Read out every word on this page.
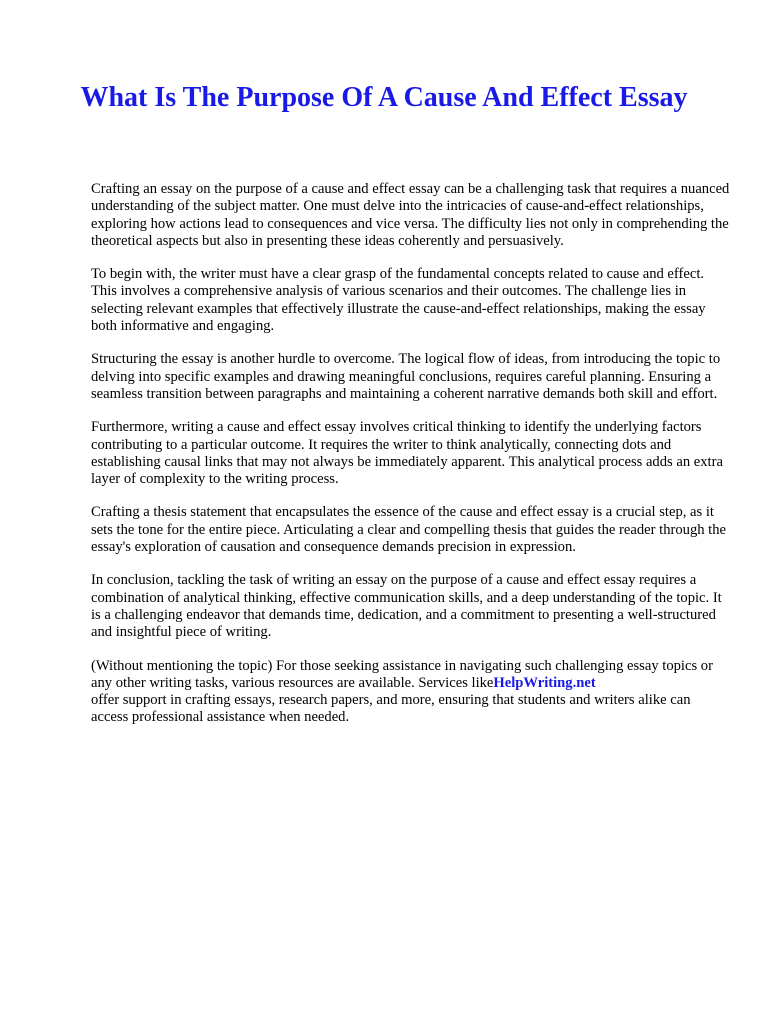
What Is The Purpose Of A Cause And Effect Essay

Crafting an essay on the purpose of a cause and effect essay can be a challenging task that requires a nuanced understanding of the subject matter. One must delve into the intricacies of cause-and-effect relationships, exploring how actions lead to consequences and vice versa. The difficulty lies not only in comprehending the theoretical aspects but also in presenting these ideas coherently and persuasively.

To begin with, the writer must have a clear grasp of the fundamental concepts related to cause and effect. This involves a comprehensive analysis of various scenarios and their outcomes. The challenge lies in selecting relevant examples that effectively illustrate the cause-and-effect relationships, making the essay both informative and engaging.

Structuring the essay is another hurdle to overcome. The logical flow of ideas, from introducing the topic to delving into specific examples and drawing meaningful conclusions, requires careful planning. Ensuring a seamless transition between paragraphs and maintaining a coherent narrative demands both skill and effort.

Furthermore, writing a cause and effect essay involves critical thinking to identify the underlying factors contributing to a particular outcome. It requires the writer to think analytically, connecting dots and establishing causal links that may not always be immediately apparent. This analytical process adds an extra layer of complexity to the writing process.

Crafting a thesis statement that encapsulates the essence of the cause and effect essay is a crucial step, as it sets the tone for the entire piece. Articulating a clear and compelling thesis that guides the reader through the essay's exploration of causation and consequence demands precision in expression.

In conclusion, tackling the task of writing an essay on the purpose of a cause and effect essay requires a combination of analytical thinking, effective communication skills, and a deep understanding of the topic. It is a challenging endeavor that demands time, dedication, and a commitment to presenting a well-structured and insightful piece of writing.

(Without mentioning the topic) For those seeking assistance in navigating such challenging essay topics or any other writing tasks, various resources are available. Services likeHelpWriting.net
offer support in crafting essays, research papers, and more, ensuring that students and writers alike can access professional assistance when needed.
